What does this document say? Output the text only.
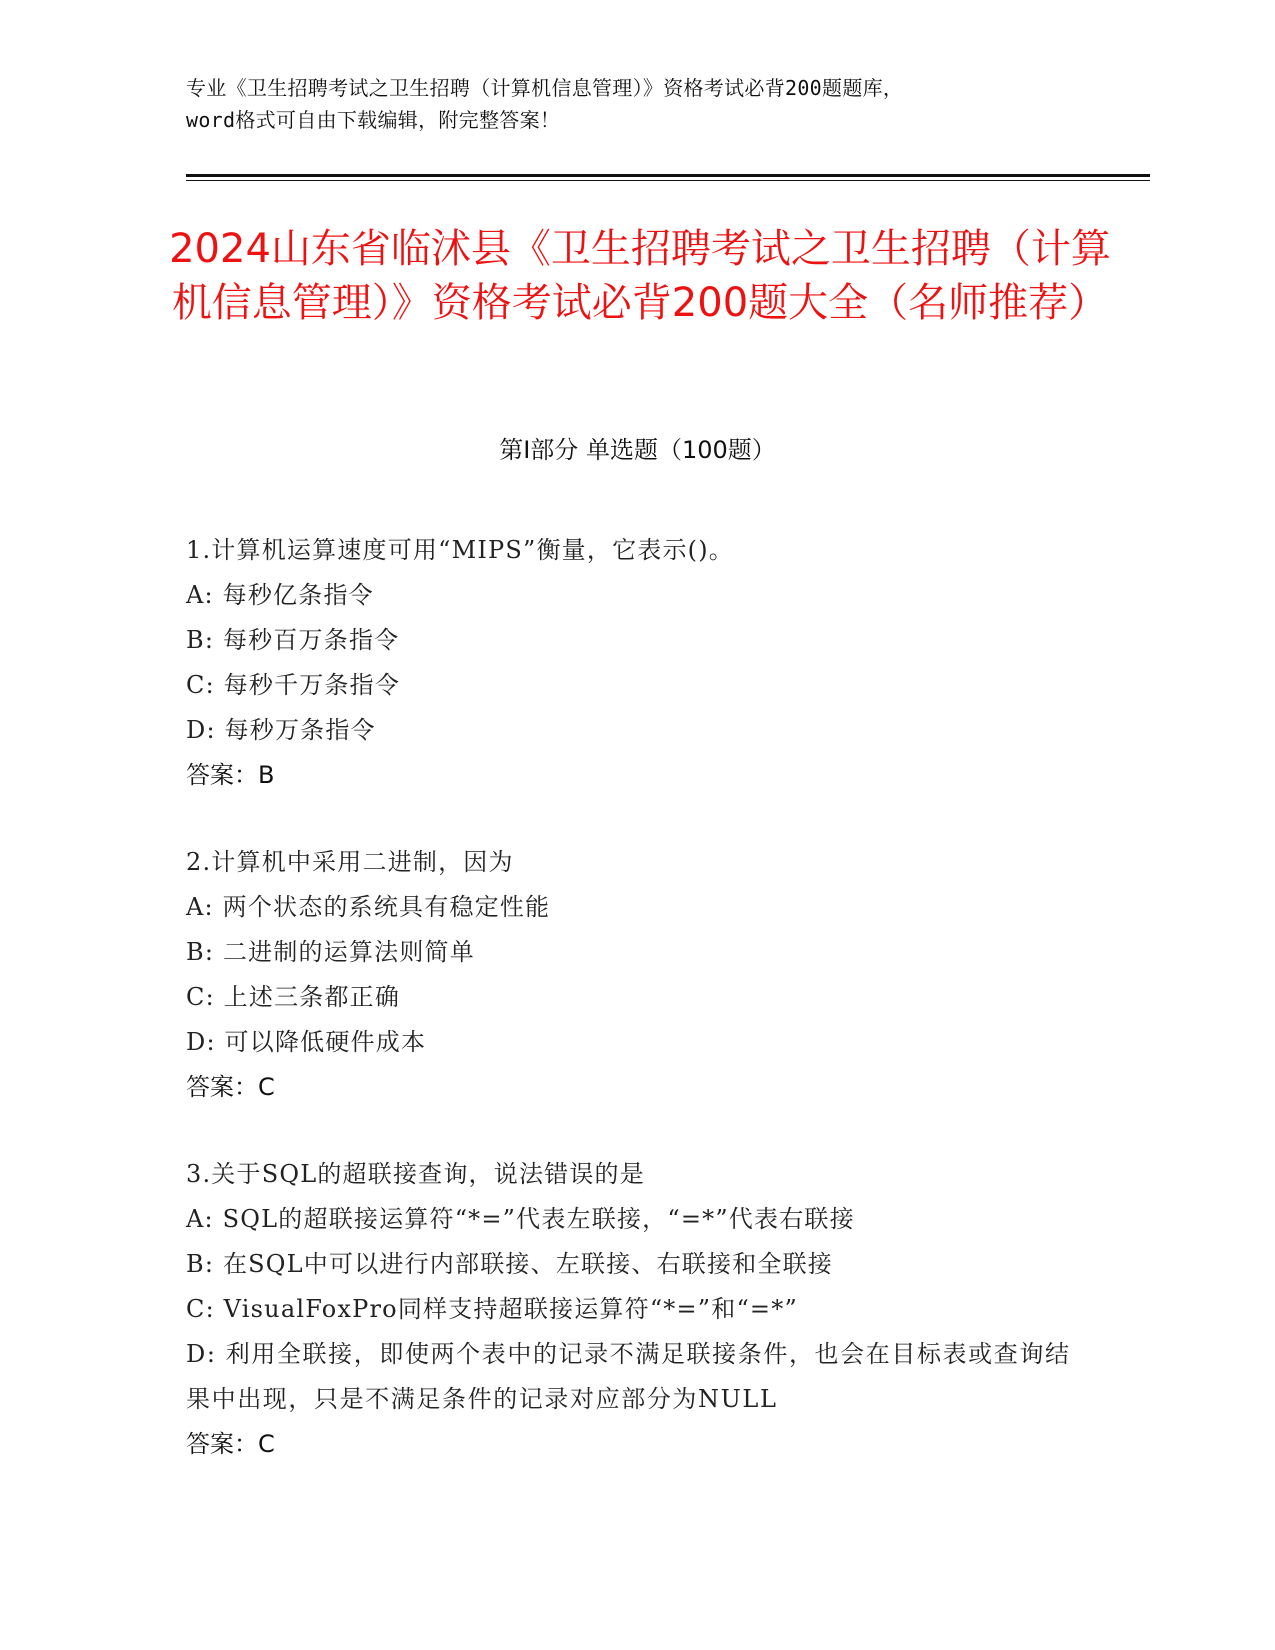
专业《卫生招聘考试之卫生招聘（计算机信息管理）》资格考试必背200题题库，
word格式可自由下载编辑，附完整答案！
2024山东省临沭县《卫生招聘考试之卫生招聘（计算机信息管理）》资格考试必背200题大全（名师推荐）
第I部分 单选题（100题）
1.计算机运算速度可用“MIPS”衡量，它表示()。
A: 每秒亿条指令
B: 每秒百万条指令
C: 每秒千万条指令
D: 每秒万条指令
答案：B
2.计算机中采用二进制，因为
A: 两个状态的系统具有稳定性能
B: 二进制的运算法则简单
C: 上述三条都正确
D: 可以降低硬件成本
答案：C
3.关于SQL的超联接查询，说法错误的是
A: SQL的超联接运算符“*=”代表左联接，“=*”代表右联接
B: 在SQL中可以进行内部联接、左联接、右联接和全联接
C: VisualFoxPro同样支持超联接运算符“*=”和“=*”
D: 利用全联接，即使两个表中的记录不满足联接条件，也会在目标表或查询结果中出现，只是不满足条件的记录对应部分为NULL
答案：C
